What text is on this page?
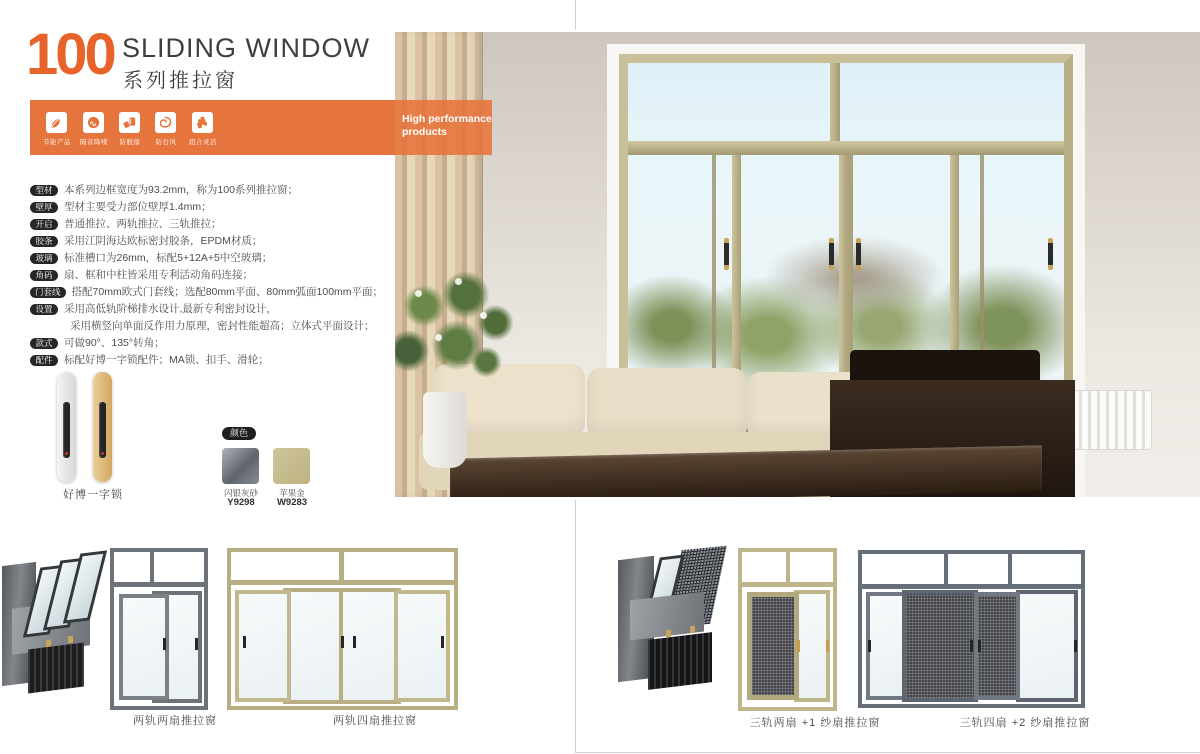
100 SLIDING WINDOW
系列推拉窗
节能产品	隔音降噪	防脱落	防台风	组合灵活
High performance
products
型材	本系列边框宽度为93.2mm，称为100系列推拉窗；
壁厚	型材主要受力部位壁厚1.4mm；
开启	普通推拉、两轨推拉、三轨推拉；
胶条	采用江阴海达欧标密封胶条，EPDM材质；
玻璃	标准槽口为26mm，标配5+12A+5中空玻璃；
角码	扇、框和中柱皆采用专利活动角码连接；
门套线	搭配70mm欧式门套线；选配80mm平面、80mm弧面100mm平面；
设置	采用高低轨阶梯排水设计,最新专利密封设计，
采用横竖向单面反作用力原理，密封性能超高；立体式平面设计；
款式	可做90°、135°转角；
配件	标配好博一字锁配件；MA锁、扣手、滑轮；
好博一字锁
颜色
闪银灰砂
Y9298
苹果金
W9283
两轨两扇推拉窗	两轨四扇推拉窗	三轨两扇 +1 纱扇推拉窗	三轨四扇 +2 纱扇推拉窗
